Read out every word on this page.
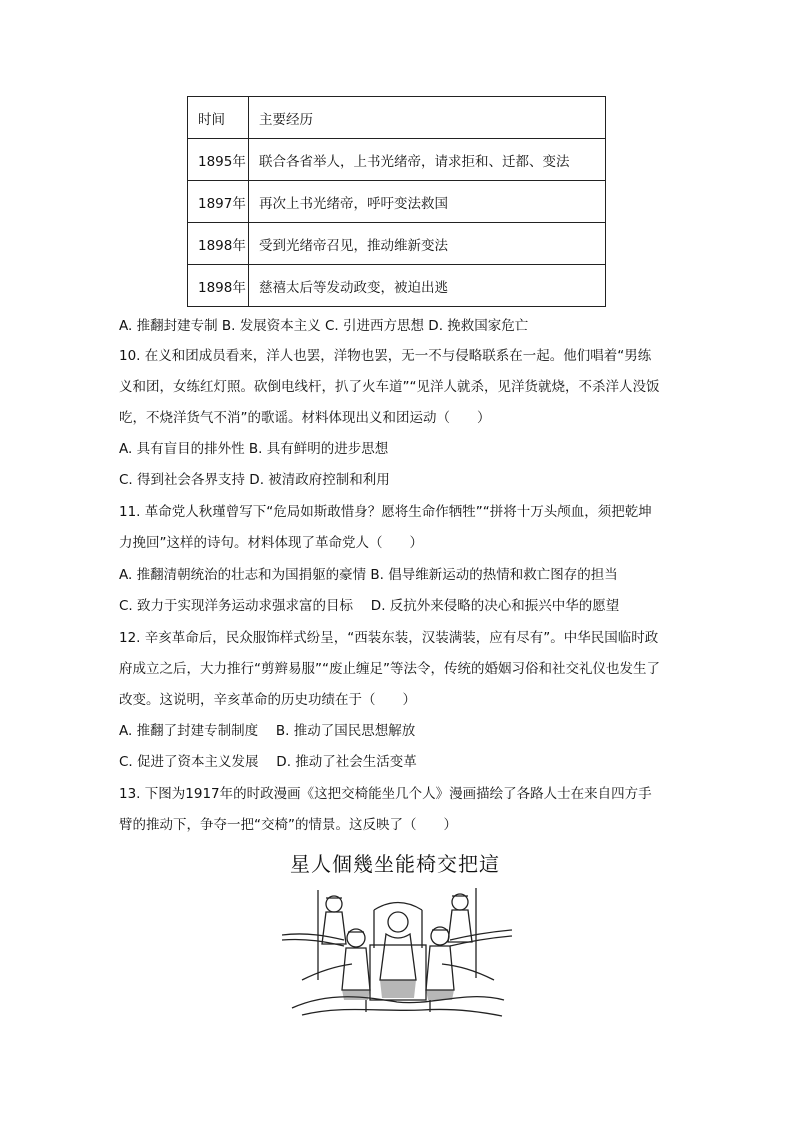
时间	主要经历
1895年	联合各省举人，上书光绪帝，请求拒和、迁都、变法
1897年	再次上书光绪帝，呼吁变法救国
1898年	受到光绪帝召见，推动维新变法
1898年	慈禧太后等发动政变，被迫出逃
A. 推翻封建专制 B. 发展资本主义 C. 引进西方思想 D. 挽救国家危亡
10. 在义和团成员看来，洋人也罢，洋物也罢，无一不与侵略联系在一起。他们唱着“男练
义和团，女练红灯照。砍倒电线杆，扒了火车道”“见洋人就杀，见洋货就烧，不杀洋人没饭
吃，不烧洋货气不消”的歌谣。材料体现出义和团运动（　　）
A. 具有盲目的排外性 B. 具有鲜明的进步思想
C. 得到社会各界支持 D. 被清政府控制和利用
11. 革命党人秋瑾曾写下“危局如斯敢惜身？愿将生命作牺牲”“拼将十万头颅血，须把乾坤
力挽回”这样的诗句。材料体现了革命党人（　　）
A. 推翻清朝统治的壮志和为国捐躯的豪情 B. 倡导维新运动的热情和救亡图存的担当
C. 致力于实现洋务运动求强求富的目标　 D. 反抗外来侵略的决心和振兴中华的愿望
12. 辛亥革命后，民众服饰样式纷呈，“西装东装，汉装满装，应有尽有”。中华民国临时政
府成立之后，大力推行“剪辫易服”“废止缠足”等法令，传统的婚姻习俗和社交礼仪也发生了
改变。这说明，辛亥革命的历史功绩在于（　　）
A. 推翻了封建专制制度　 B. 推动了国民思想解放
C. 促进了资本主义发展　 D. 推动了社会生活变革
13. 下图为1917年的时政漫画《这把交椅能坐几个人》漫画描绘了各路人士在来自四方手
臂的推动下，争夺一把“交椅”的情景。这反映了（　　）
星人個幾坐能椅交把這
